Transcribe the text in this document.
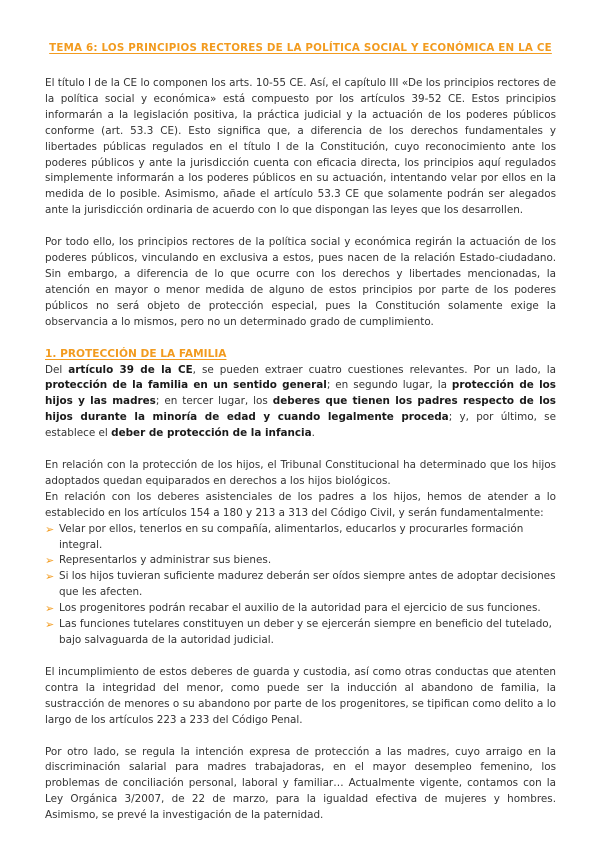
TEMA 6: LOS PRINCIPIOS RECTORES DE LA POLÍTICA SOCIAL Y ECONÓMICA EN LA CE

El título I de la CE lo componen los arts. 10-55 CE. Así, el capítulo III «De los principios rectores de la política social y económica» está compuesto por los artículos 39-52 CE. Estos principios informarán a la legislación positiva, la práctica judicial y la actuación de los poderes públicos conforme (art. 53.3 CE). Esto significa que, a diferencia de los derechos fundamentales y libertades públicas regulados en el título I de la Constitución, cuyo reconocimiento ante los poderes públicos y ante la jurisdicción cuenta con eficacia directa, los principios aquí regulados simplemente informarán a los poderes públicos en su actuación, intentando velar por ellos en la medida de lo posible. Asimismo, añade el artículo 53.3 CE que solamente podrán ser alegados ante la jurisdicción ordinaria de acuerdo con lo que dispongan las leyes que los desarrollen.

Por todo ello, los principios rectores de la política social y económica regirán la actuación de los poderes públicos, vinculando en exclusiva a estos, pues nacen de la relación Estado-ciudadano. Sin embargo, a diferencia de lo que ocurre con los derechos y libertades mencionadas, la atención en mayor o menor medida de alguno de estos principios por parte de los poderes públicos no será objeto de protección especial, pues la Constitución solamente exige la observancia a lo mismos, pero no un determinado grado de cumplimiento.

1. PROTECCIÓN DE LA FAMILIA

Del artículo 39 de la CE, se pueden extraer cuatro cuestiones relevantes. Por un lado, la protección de la familia en un sentido general; en segundo lugar, la protección de los hijos y las madres; en tercer lugar, los deberes que tienen los padres respecto de los hijos durante la minoría de edad y cuando legalmente proceda; y, por último, se establece el deber de protección de la infancia.

En relación con la protección de los hijos, el Tribunal Constitucional ha determinado que los hijos adoptados quedan equiparados en derechos a los hijos biológicos.

En relación con los deberes asistenciales de los padres a los hijos, hemos de atender a lo establecido en los artículos 154 a 180 y 213 a 313 del Código Civil, y serán fundamentalmente:

➢ Velar por ellos, tenerlos en su compañía, alimentarlos, educarlos y procurarles formación integral.
➢ Representarlos y administrar sus bienes.
➢ Si los hijos tuvieran suficiente madurez deberán ser oídos siempre antes de adoptar decisiones que les afecten.
➢ Los progenitores podrán recabar el auxilio de la autoridad para el ejercicio de sus funciones.
➢ Las funciones tutelares constituyen un deber y se ejercerán siempre en beneficio del tutelado, bajo salvaguarda de la autoridad judicial.

El incumplimiento de estos deberes de guarda y custodia, así como otras conductas que atenten contra la integridad del menor, como puede ser la inducción al abandono de familia, la sustracción de menores o su abandono por parte de los progenitores, se tipifican como delito a lo largo de los artículos 223 a 233 del Código Penal.

Por otro lado, se regula la intención expresa de protección a las madres, cuyo arraigo en la discriminación salarial para madres trabajadoras, en el mayor desempleo femenino, los problemas de conciliación personal, laboral y familiar… Actualmente vigente, contamos con la Ley Orgánica 3/2007, de 22 de marzo, para la igualdad efectiva de mujeres y hombres. Asimismo, se prevé la investigación de la paternidad.
